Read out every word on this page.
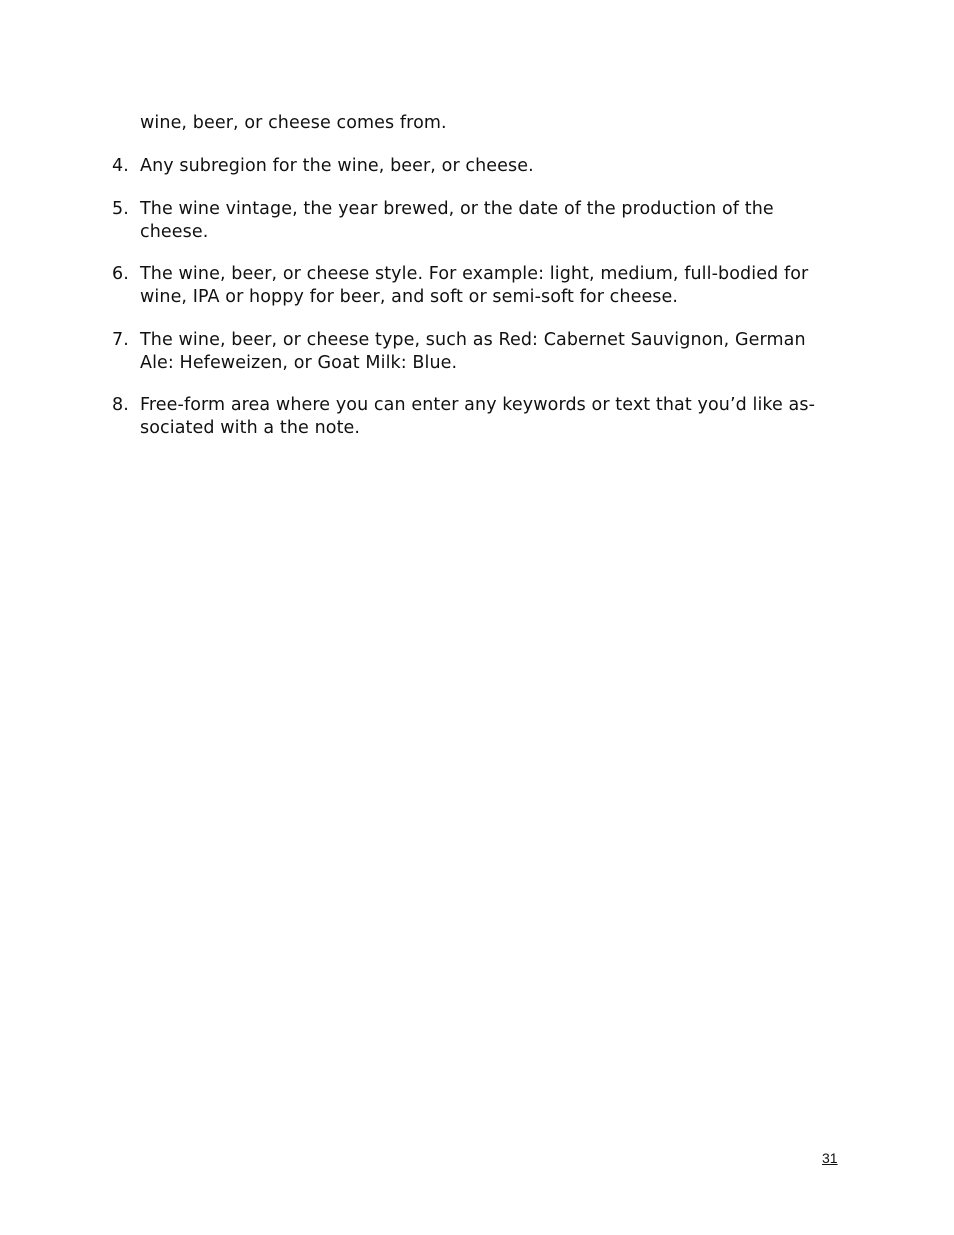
wine, beer, or cheese comes from.

4. Any subregion for the wine, beer, or cheese.
5. The wine vintage, the year brewed, or the date of the production of the cheese.
6. The wine, beer, or cheese style. For example: light, medium, full-bodied for wine, IPA or hoppy for beer, and soft or semi-soft for cheese.
7. The wine, beer, or cheese type, such as Red: Cabernet Sauvignon, German Ale: Hefeweizen, or Goat Milk: Blue.
8. Free-form area where you can enter any keywords or text that you’d like as-sociated with a the note.
31
